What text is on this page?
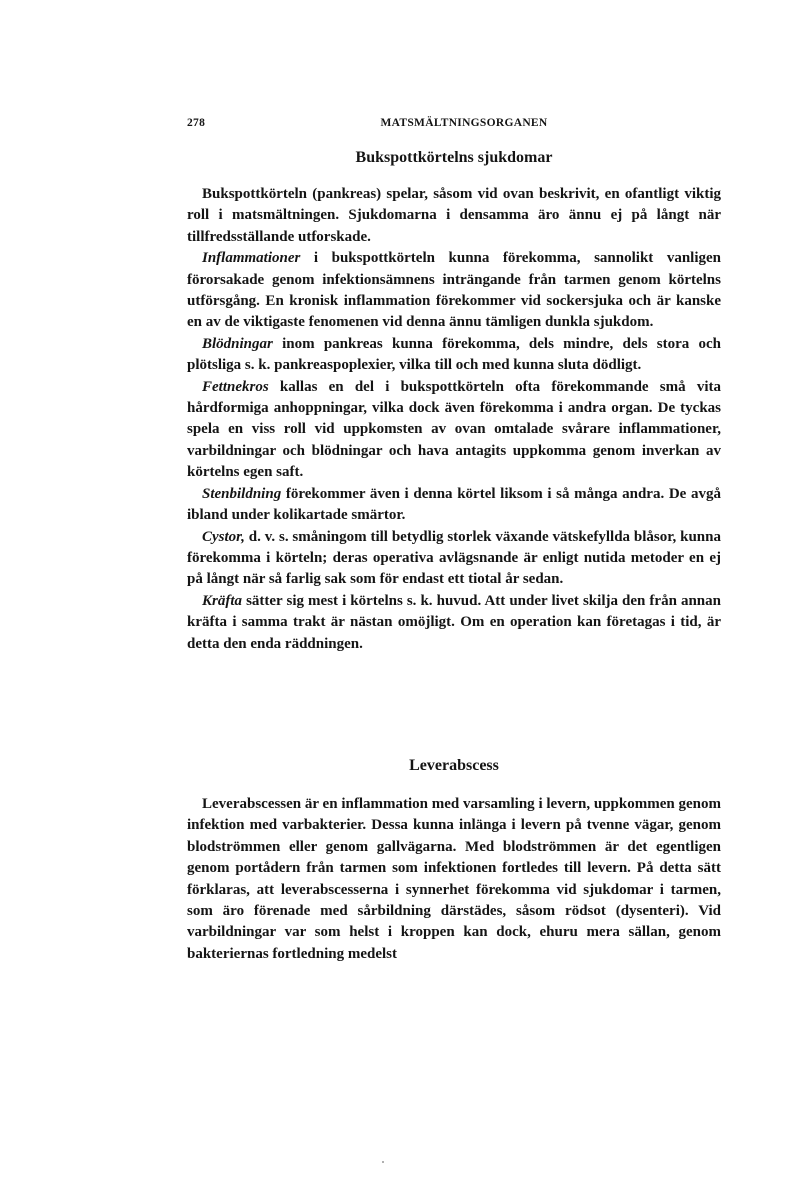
278	MATSMÄLTNINGSORGANEN
Bukspottkörtelns sjukdomar

Bukspottkörteln (pankreas) spelar, såsom vid ovan beskrivit, en ofantligt viktig roll i matsmältningen. Sjukdomarna i densamma äro ännu ej på långt när tillfredsställande utforskade.

Inflammationer i bukspottkörteln kunna förekomma, sannolikt vanligen förorsakade genom infektionsämnens inträngande från tarmen genom körtelns utförsgång. En kronisk inflammation förekommer vid sockersjuka och är kanske en av de viktigaste fenomenen vid denna ännu tämligen dunkla sjukdom.

Blödningar inom pankreas kunna förekomma, dels mindre, dels stora och plötsliga s. k. pankreaspoplexier, vilka till och med kunna sluta dödligt.

Fettnekros kallas en del i bukspottkörteln ofta förekommande små vita hårdformiga anhoppningar, vilka dock även förekomma i andra organ. De tyckas spela en viss roll vid uppkomsten av ovan omtalade svårare inflammationer, varbildningar och blödningar och hava antagits uppkomma genom inverkan av körtelns egen saft.

Stenbildning förekommer även i denna körtel liksom i så många andra. De avgå ibland under kolikartade smärtor.

Cystor, d. v. s. småningom till betydlig storlek växande vätskefyllda blåsor, kunna förekomma i körteln; deras operativa avlägsnande är enligt nutida metoder en ej på långt när så farlig sak som för endast ett tiotal år sedan.

Kräfta sätter sig mest i körtelns s. k. huvud. Att under livet skilja den från annan kräfta i samma trakt är nästan omöjligt. Om en operation kan företagas i tid, är detta den enda räddningen.

Leverabscess

Leverabscessen är en inflammation med varsamling i levern, uppkommen genom infektion med varbakterier. Dessa kunna inlänga i levern på tvenne vägar, genom blodströmmen eller genom gallvägarna. Med blodströmmen är det egentligen genom portådern från tarmen som infektionen fortledes till levern. På detta sätt förklaras, att leverabscesserna i synnerhet förekomma vid sjukdomar i tarmen, som äro förenade med sårbildning därstädes, såsom rödsot (dysenteri). Vid varbildningar var som helst i kroppen kan dock, ehuru mera sällan, genom bakteriernas fortledning medelst
